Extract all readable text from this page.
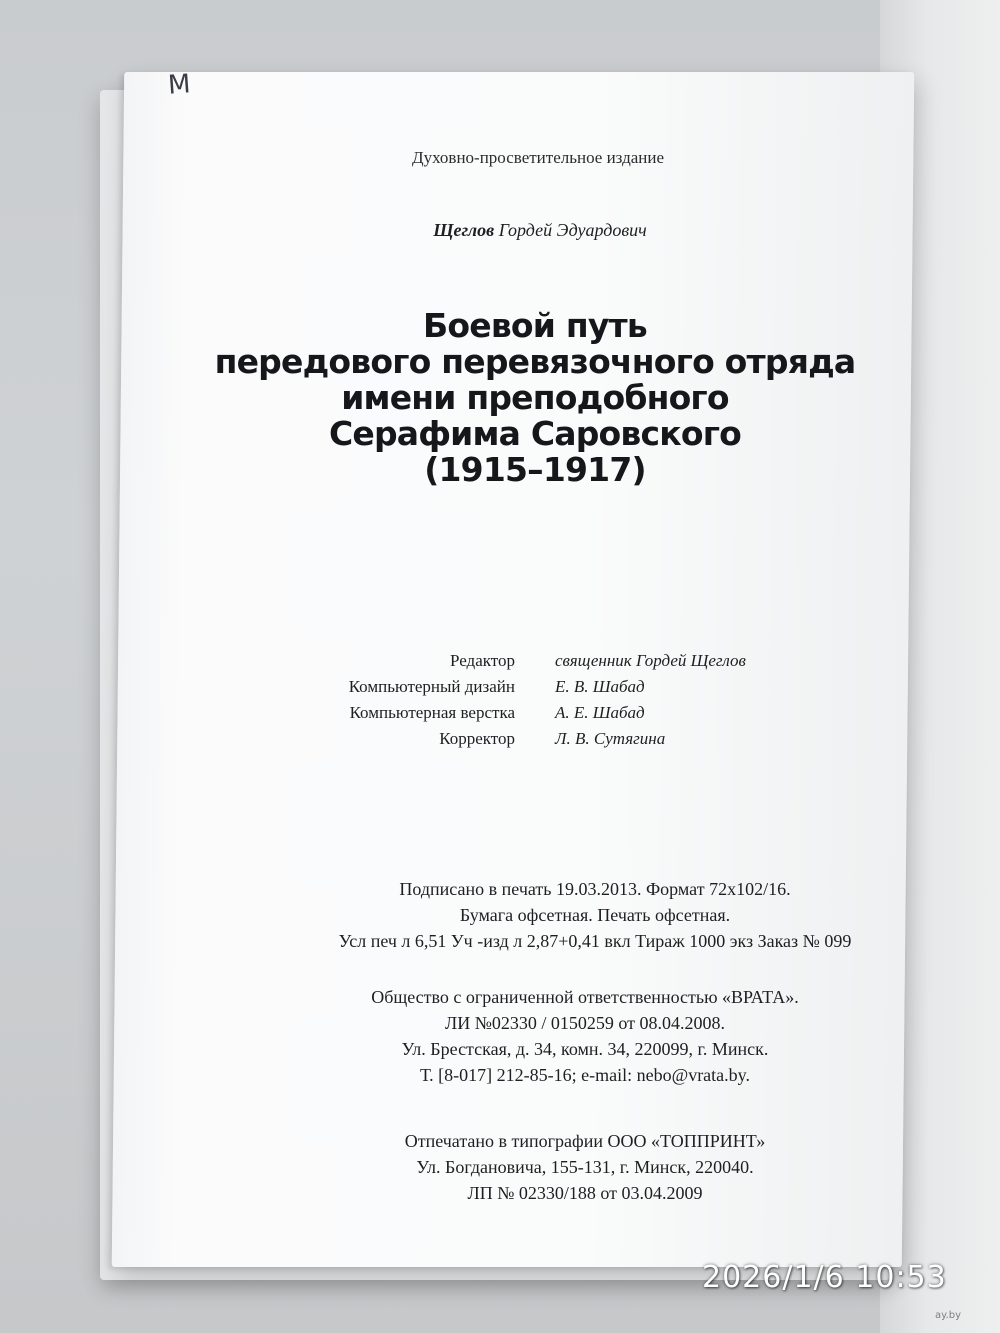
М
Духовно-просветительное издание
Щеглов Гордей Эдуардович
Боевой путь
передового перевязочного отряда
имени преподобного
Серафима Саровского
(1915–1917)
Редактор	священник Гордей Щеглов
Компьютерный дизайн	Е. В. Шабад
Компьютерная верстка	А. Е. Шабад
Корректор	Л. В. Сутягина
Подписано в печать 19.03.2013. Формат 72х102/16.
Бумага офсетная. Печать офсетная.
Усл печ л 6,51 Уч -изд л 2,87+0,41 вкл Тираж 1000 экз Заказ № 099
Общество с ограниченной ответственностью «ВРАТА».
ЛИ №02330 / 0150259 от 08.04.2008.
Ул. Брестская, д. 34, комн. 34, 220099, г. Минск.
Т. [8-017] 212-85-16; e-mail: nebo@vrata.by.
Отпечатано в типографии ООО «ТОППРИНТ»
Ул. Богдановича, 155-131, г. Минск, 220040.
ЛП № 02330/188 от 03.04.2009
2026/1/6 10:53
ay.by
